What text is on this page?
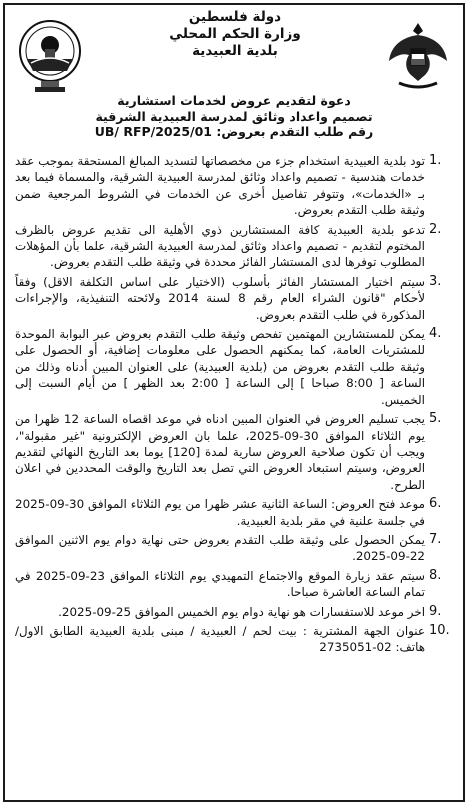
دولة فلسطين
وزارة الحكم المحلي
بلدية العبيدية
دعوة لتقديم عروض لخدمات استشارية
تصميم واعداد وثائق لمدرسة العبيدية الشرقية
رقم طلب التقدم بعروض: UB/ RFP/2025/01
1.
تود بلدية العبيدية استخدام جزء من مخصصاتها لتسديد المبالغ المستحقة بموجب عقد خدمات هندسية - تصميم واعداد وثائق لمدرسة العبيدية الشرقية، والمسماة فيما بعد بـ «الخدمات»، وتتوفر تفاصيل أخرى عن الخدمات في الشروط المرجعية ضمن وثيقة طلب التقدم بعروض.
2.
تدعو بلدية العبيدية كافة المستشارين ذوي الأهلية الى تقديم عروض بالظرف المختوم لتقديم - تصميم واعداد وثائق لمدرسة العبيدية الشرقية، علما بأن المؤهلات المطلوب توفرها لدى المستشار الفائز محددة في وثيقة طلب التقدم بعروض.
3.
سيتم اختيار المستشار الفائز بأسلوب (الاختيار على اساس التكلفة الاقل) وفقاً لأحكام "قانون الشراء العام رقم 8 لسنة 2014 ولائحته التنفيذية، والإجراءات المذكورة في طلب التقدم بعروض.
4.
يمكن للمستشارين المهتمين تفحص وثيقة طلب التقدم بعروض عبر البوابة الموحدة للمشتريات العامة، كما يمكنهم الحصول على معلومات إضافية، أو الحصول على وثيقة طلب التقدم بعروض من (بلدية العبيدية) على العنوان المبين أدناه وذلك من الساعة [ 8:00 صباحا ] إلى الساعة [ 2:00 بعد الظهر ] من أيام السبت إلى الخميس.
5.
يجب تسليم العروض في العنوان المبين ادناه في موعد اقصاه الساعة 12 ظهرا من يوم الثلاثاء الموافق 30-09-2025، علما بان العروض الإلكترونية "غير مقبولة"، ويجب أن تكون صلاحية العروض سارية لمدة [120] يوما بعد التاريخ النهائي لتقديم العروض، وسيتم استبعاد العروض التي تصل بعد التاريخ والوقت المحددين في اعلان الطرح.
6.
موعد فتح العروض: الساعة الثانية عشر ظهرا من يوم الثلاثاء الموافق 30-09-2025 في جلسة علنية في مقر بلدية العبيدية.
7.
يمكن الحصول على وثيقة طلب التقدم بعروض حتى نهاية دوام يوم الاثنين الموافق 22-09-2025.
8.
سيتم عقد زيارة الموقع والاجتماع التمهيدي يوم الثلاثاء الموافق 23-09-2025 في تمام الساعة العاشرة صباحا.
9.
اخر موعد للاستفسارات هو نهاية دوام يوم الخميس الموافق 25-09-2025.
10.
عنوان الجهة المشترية : بيت لحم / العبيدية / مبنى بلدية العبيدية الطابق الاول/ هاتف: 02-2735051
